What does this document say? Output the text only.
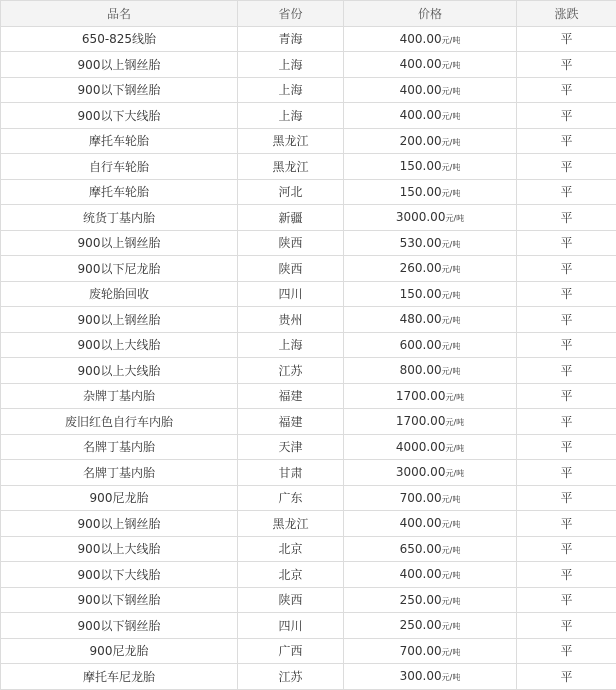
品名	省份	价格	涨跌
650-825线胎	青海	400.00元/吨	平
900以上钢丝胎	上海	400.00元/吨	平
900以下钢丝胎	上海	400.00元/吨	平
900以下大线胎	上海	400.00元/吨	平
摩托车轮胎	黑龙江	200.00元/吨	平
自行车轮胎	黑龙江	150.00元/吨	平
摩托车轮胎	河北	150.00元/吨	平
统货丁基内胎	新疆	3000.00元/吨	平
900以上钢丝胎	陕西	530.00元/吨	平
900以下尼龙胎	陕西	260.00元/吨	平
废轮胎回收	四川	150.00元/吨	平
900以上钢丝胎	贵州	480.00元/吨	平
900以上大线胎	上海	600.00元/吨	平
900以上大线胎	江苏	800.00元/吨	平
杂牌丁基内胎	福建	1700.00元/吨	平
废旧红色自行车内胎	福建	1700.00元/吨	平
名牌丁基内胎	天津	4000.00元/吨	平
名牌丁基内胎	甘肃	3000.00元/吨	平
900尼龙胎	广东	700.00元/吨	平
900以上钢丝胎	黑龙江	400.00元/吨	平
900以上大线胎	北京	650.00元/吨	平
900以下大线胎	北京	400.00元/吨	平
900以下钢丝胎	陕西	250.00元/吨	平
900以下钢丝胎	四川	250.00元/吨	平
900尼龙胎	广西	700.00元/吨	平
摩托车尼龙胎	江苏	300.00元/吨	平
